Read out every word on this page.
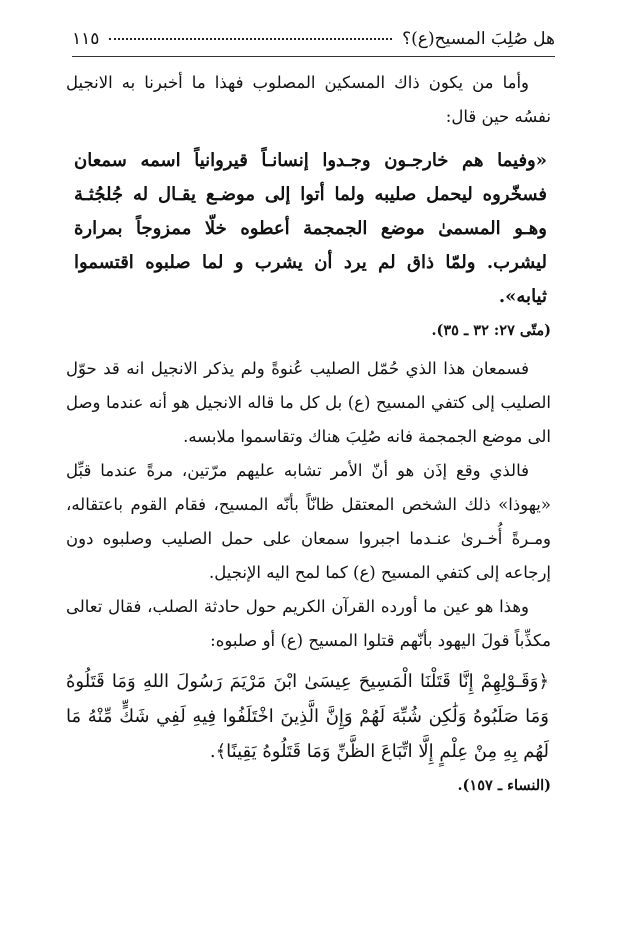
هل صُلِبَ المسيح(ع)؟
١١٥

وأما من يكون ذاك المسكين المصلوب فهذا ما أخبرنا به الانجيل نفسُه حين قال:

«وفيما هم خارجـون وجـدوا إنسانـاً قيروانياً اسمه سمعان فسخّروه ليحمل صليبه ولما أتوا إلى موضـع يقـال له جُلجُثـة وهـو المسمىٰ موضع الجمجمة أعطوه خلّا ممزوجاً بمرارة ليشرب. ولمّا ذاق لم يرد أن يشرب و لما صلبوه اقتسموا ثيابه».

(متّى ٢٧: ٣٢ ـ ٣٥).

فسمعان هذا الذي حُمّل الصليب عُنوةً ولم يذكر الانجيل انه قد حوّل الصليب إلى كتفي المسيح (ع) بل كل ما قاله الانجيل هو أنه عندما وصل الى موضع الجمجمة فانه صُلِبَ هناك وتقاسموا ملابسه.

فالذي وقع إذَن هو أنّ الأمر تشابه عليهم مرّتين، مرةً عندما قبِّل «يهوذا» ذلك الشخص المعتقل ظانّاً بأنّه المسيح، فقام القوم باعتقاله، ومـرةً أُخـرىٰ عنـدما اجبروا سمعان على حمل الصليب وصلبوه دون إرجاعه إلى كتفي المسيح (ع) كما لمح اليه الإنجيل.

وهذا هو عين ما أورده القرآن الكريم حول حادثة الصلب، فقال تعالى مكذِّباً قولَ اليهود بأنّهم قتلوا المسيح (ع) أو صلبوه:

﴿وَقَـوْلِهِمْ إِنَّا قَتَلْنَا الْمَسِيحَ عِيسَىٰ ابْنَ مَرْيَمَ رَسُولَ اللهِ وَمَا قَتَلُوهُ وَمَا صَلَبُوهُ وَلَٰكِن شُبِّهَ لَهُمْ وَإِنَّ الَّذِينَ اخْتَلَفُوا فِيهِ لَفِي شَكٍّ مِّنْهُ مَا لَهُم بِهِ مِنْ عِلْمٍ إِلَّا اتِّبَاعَ الظَّنِّ وَمَا قَتَلُوهُ يَقِينًا﴾.

(النساء ـ ١٥٧).
